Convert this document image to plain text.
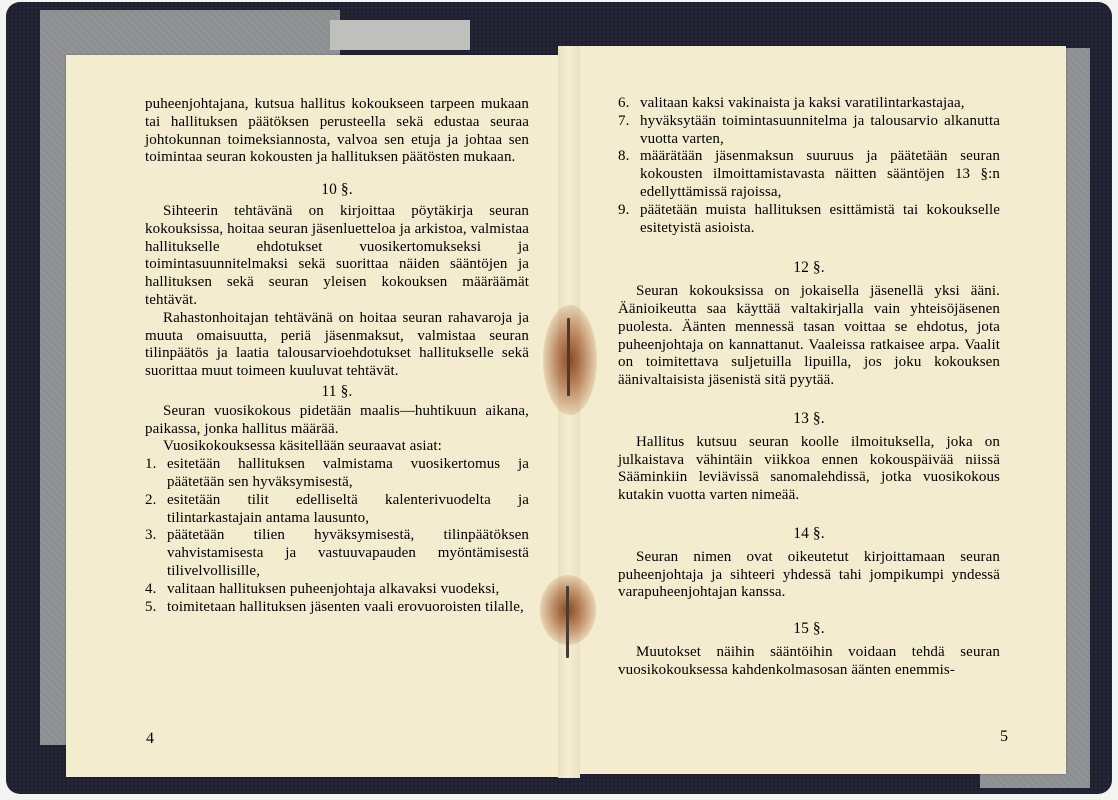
puheenjohtajana, kutsua hallitus kokoukseen tarpeen mukaan tai hallituksen päätöksen perusteella sekä edustaa seuraa johtokunnan toimeksiannosta, valvoa sen etuja ja johtaa sen toimintaa seuran kokousten ja hallituksen päätösten mukaan.

10 §.

Sihteerin tehtävänä on kirjoittaa pöytäkirja seuran kokouksissa, hoitaa seuran jäsenluetteloa ja arkistoa, valmistaa hallitukselle ehdotukset vuosikertomukseksi ja toimintasuunnitelmaksi sekä suorittaa näiden sääntöjen ja hallituksen sekä seuran yleisen kokouksen määräämät tehtävät.

Rahastonhoitajan tehtävänä on hoitaa seuran rahavaroja ja muuta omaisuutta, periä jäsenmaksut, valmistaa seuran tilinpäätös ja laatia talousarvioehdotukset hallitukselle sekä suorittaa muut toimeen kuuluvat tehtävät.

11 §.

Seuran vuosikokous pidetään maalis—huhtikuun aikana, paikassa, jonka hallitus määrää.

Vuosikokouksessa käsitellään seuraavat asiat:

1. esitetään hallituksen valmistama vuosikertomus ja päätetään sen hyväksymisestä,
2. esitetään tilit edelliseltä kalenterivuodelta ja tilintarkastajain antama lausunto,
3. päätetään tilien hyväksymisestä, tilinpäätöksen vahvistamisesta ja vastuuvapauden myöntämisestä tilivelvollisille,
4. valitaan hallituksen puheenjohtaja alkavaksi vuodeksi,
5. toimitetaan hallituksen jäsenten vaali erovuoroisten tilalle,
4
6. valitaan kaksi vakinaista ja kaksi varatilintarkastajaa,
7. hyväksytään toimintasuunnitelma ja talousarvio alkanutta vuotta varten,
8. määrätään jäsenmaksun suuruus ja päätetään seuran kokousten ilmoittamistavasta näitten sääntöjen 13 §:n edellyttämissä rajoissa,
9. päätetään muista hallituksen esittämistä tai kokoukselle esitetyistä asioista.

12 §.

Seuran kokouksissa on jokaisella jäsenellä yksi ääni. Äänioikeutta saa käyttää valtakirjalla vain yhteisöjäsenen puolesta. Äänten mennessä tasan voittaa se ehdotus, jota puheenjohtaja on kannattanut. Vaaleissa ratkaisee arpa. Vaalit on toimitettava suljetuilla lipuilla, jos joku kokouksen äänivaltaisista jäsenistä sitä pyytää.

13 §.

Hallitus kutsuu seuran koolle ilmoituksella, joka on julkaistava vähintäin viikkoa ennen kokouspäivää niissä Sääminkiin leviävissä sanomalehdissä, jotka vuosikokous kutakin vuotta varten nimeää.

14 §.

Seuran nimen ovat oikeutetut kirjoittamaan seuran puheenjohtaja ja sihteeri yhdessä tahi jompikumpi yndessä varapuheenjohtajan kanssa.

15 §.

Muutokset näihin sääntöihin voidaan tehdä seuran vuosikokouksessa kahdenkolmasosan äänten enemmis-

5
